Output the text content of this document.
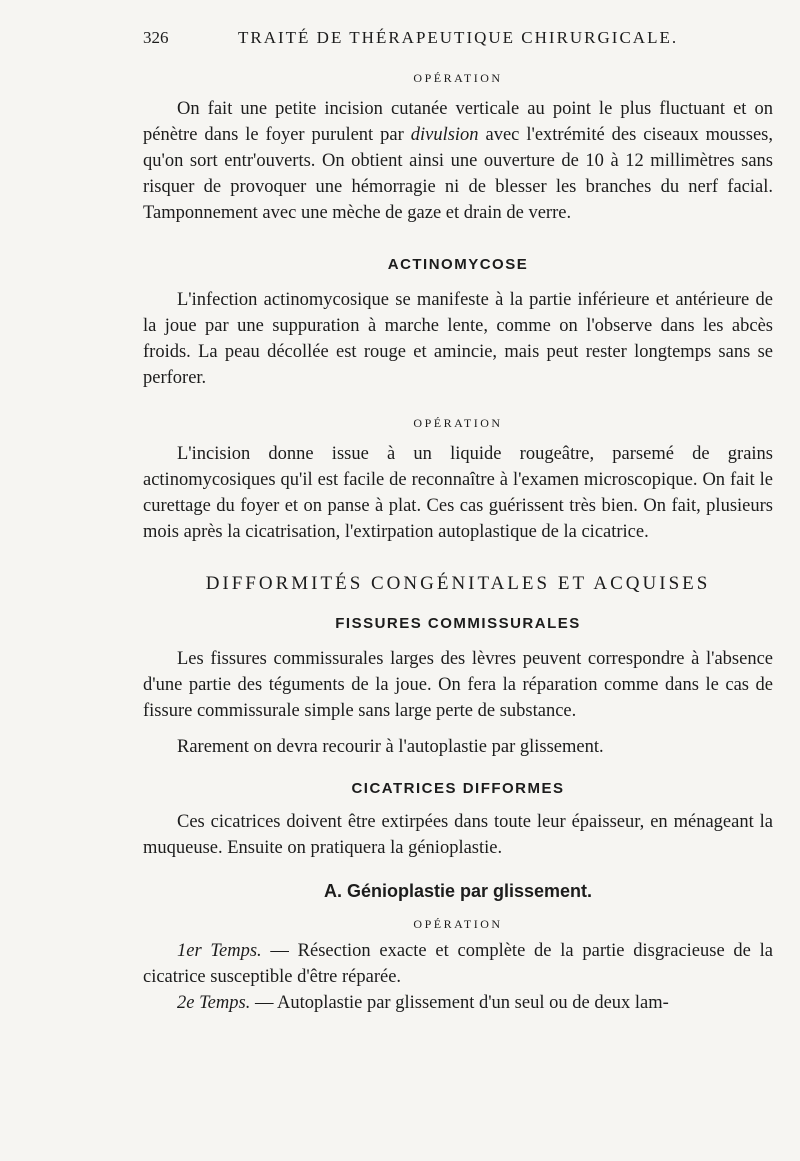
326	TRAITÉ DE THÉRAPEUTIQUE CHIRURGICALE.
OPÉRATION

On fait une petite incision cutanée verticale au point le plus fluctuant et on pénètre dans le foyer purulent par divulsion avec l'extrémité des ciseaux mousses, qu'on sort entr'ouverts. On obtient ainsi une ouverture de 10 à 12 millimètres sans risquer de provoquer une hémorragie ni de blesser les branches du nerf facial. Tamponnement avec une mèche de gaze et drain de verre.

ACTINOMYCOSE

L'infection actinomycosique se manifeste à la partie inférieure et antérieure de la joue par une suppuration à marche lente, comme on l'observe dans les abcès froids. La peau décollée est rouge et amincie, mais peut rester longtemps sans se perforer.

OPÉRATION

L'incision donne issue à un liquide rougeâtre, parsemé de grains actinomycosiques qu'il est facile de reconnaître à l'examen microscopique. On fait le curettage du foyer et on panse à plat. Ces cas guérissent très bien. On fait, plusieurs mois après la cicatrisation, l'extirpation autoplastique de la cicatrice.

DIFFORMITÉS CONGÉNITALES ET ACQUISES
FISSURES COMMISSURALES

Les fissures commissurales larges des lèvres peuvent correspondre à l'absence d'une partie des téguments de la joue. On fera la réparation comme dans le cas de fissure commissurale simple sans large perte de substance.

Rarement on devra recourir à l'autoplastie par glissement.

CICATRICES DIFFORMES

Ces cicatrices doivent être extirpées dans toute leur épaisseur, en ménageant la muqueuse. Ensuite on pratiquera la génioplastie.

A. Génioplastie par glissement.
OPÉRATION

1er Temps. — Résection exacte et complète de la partie disgracieuse de la cicatrice susceptible d'être réparée.

2e Temps. — Autoplastie par glissement d'un seul ou de deux lam-
